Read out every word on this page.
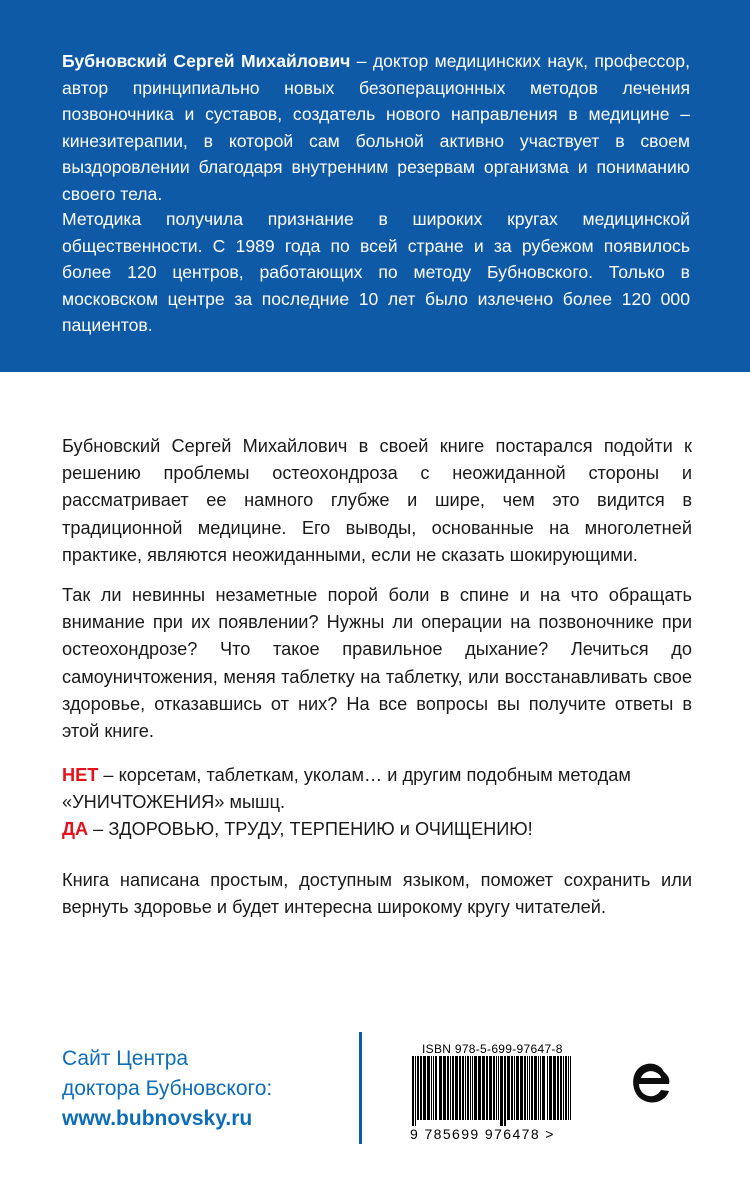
Бубновский Сергей Михайлович – доктор медицинских наук, профессор, автор принципиально новых безоперационных методов лечения позвоночника и суставов, создатель нового направления в медицине – кинезитерапии, в которой сам больной активно участвует в своем выздоровлении благодаря внутренним резервам организма и пониманию своего тела.

Методика получила признание в широких кругах медицинской общественности. С 1989 года по всей стране и за рубежом появилось более 120 центров, работающих по методу Бубновского. Только в московском центре за последние 10 лет было излечено более 120 000 пациентов.

Бубновский Сергей Михайлович в своей книге постарался подойти к решению проблемы остеохондроза с неожиданной стороны и рассматривает ее намного глубже и шире, чем это видится в традиционной медицине. Его выводы, основанные на многолетней практике, являются неожиданными, если не сказать шокирующими.

Так ли невинны незаметные порой боли в спине и на что обращать внимание при их появлении? Нужны ли операции на позвоночнике при остеохондрозе? Что такое правильное дыхание? Лечиться до самоуничтожения, меняя таблетку на таблетку, или восстанавливать свое здоровье, отказавшись от них? На все вопросы вы получите ответы в этой книге.

НЕТ – корсетам, таблеткам, уколам… и другим подобным методам «УНИЧТОЖЕНИЯ» мышц.
ДА – ЗДОРОВЬЮ, ТРУДУ, ТЕРПЕНИЮ и ОЧИЩЕНИЮ!

Книга написана простым, доступным языком, поможет сохранить или вернуть здоровье и будет интересна широкому кругу читателей.

Сайт Центра
доктора Бубновского:
www.bubnovsky.ru
ISBN 978-5-699-97647-8
9 785699 976478 >
